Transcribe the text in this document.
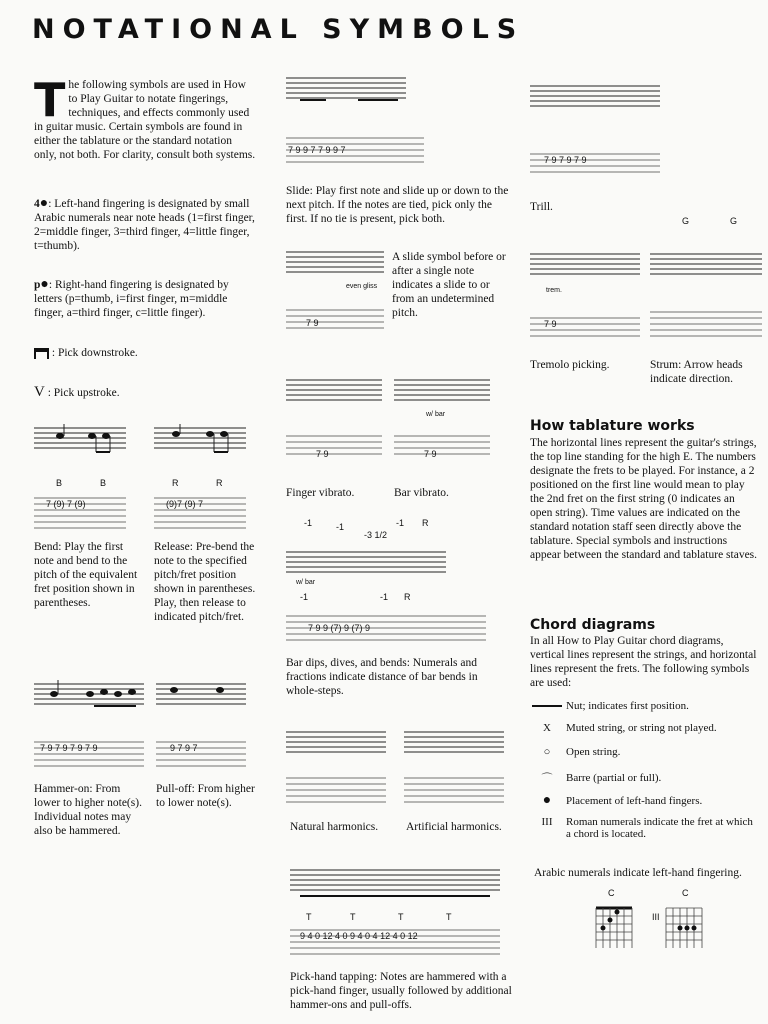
NOTATIONAL SYMBOLS
The following symbols are used in How to Play Guitar to notate fingerings, techniques, and effects commonly used in guitar music. Certain symbols are found in either the tablature or the standard notation only, not both. For clarity, consult both systems.
4●: Left-hand fingering is designated by small Arabic numerals near note heads (1=first finger, 2=middle finger, 3=third finger, 4=little finger, t=thumb).
p●: Right-hand fingering is designated by letters (p=thumb, i=first finger, m=middle finger, a=third finger, c=little finger).
: Pick downstroke.
V : Pick upstroke.
B	B	R	R
7 (9) 7 (9)	(9)7 (9) 7
Bend: Play the first note and bend to the pitch of the equivalent fret position shown in parentheses.
Release: Pre-bend the note to the specified pitch/fret position shown in parentheses. Play, then release to indicated pitch/fret.
7 9 7 9 7 9 7 9	9 7 9 7
Hammer-on: From lower to higher note(s). Individual notes may also be hammered.
Pull-off: From higher to lower note(s).
7 9 9 7 7 9 9 7
Slide: Play first note and slide up or down to the next pitch. If the notes are tied, pick only the first. If no tie is present, pick both.
even gliss
7 9
A slide symbol before or after a single note indicates a slide to or from an undetermined pitch.
w/ bar
7 9	7 9
Finger vibrato.	Bar vibrato.
-1	-1
-3 1/2
-1 R
w/ bar
-1	-1 R
7 9 9 (7) 9 (7) 9
Bar dips, dives, and bends: Numerals and fractions indicate distance of bar bends in whole-steps.
Natural harmonics. Artificial harmonics.
T	T	T	T
9 4 0 12 4 0 9 4 0 4 12 4 0 12
Pick-hand tapping: Notes are hammered with a pick-hand finger, usually followed by additional hammer-ons and pull-offs.
7 9 7 9 7 9
Trill.
trem.
7 9
G	G
Tremolo picking.	Strum: Arrow heads indicate direction.
How tablature works
The horizontal lines represent the guitar's strings, the top line standing for the high E. The numbers designate the frets to be played. For instance, a 2 positioned on the first line would mean to play the 2nd fret on the first string (0 indicates an open string). Time values are indicated on the standard notation staff seen directly above the tablature. Special symbols and instructions appear between the standard and tablature staves.
Chord diagrams
In all How to Play Guitar chord diagrams, vertical lines represent the strings, and horizontal lines represent the frets. The following symbols are used:
Nut; indicates first position.
X	Muted string, or string not played.
○	Open string.
⌒	Barre (partial or full).
●	Placement of left-hand fingers.
III	Roman numerals indicate the fret at which a chord is located.
Arabic numerals indicate left-hand fingering.
C	C
III
